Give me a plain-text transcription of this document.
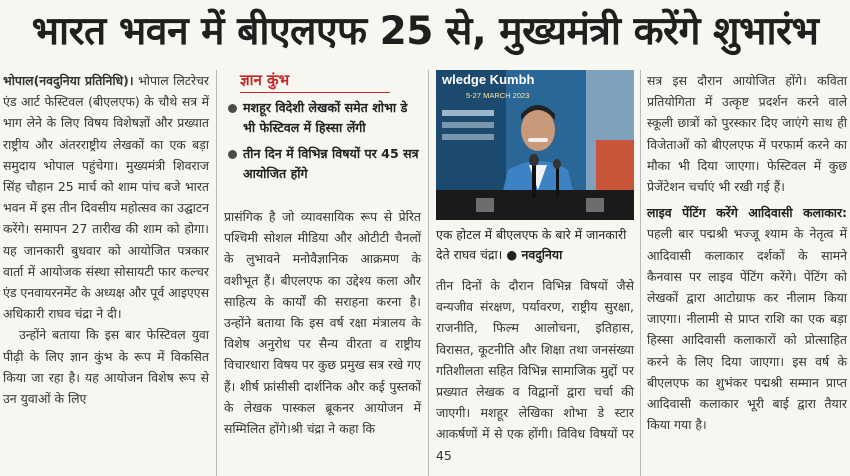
भारत भवन में बीएलएफ 25 से, मुख्यमंत्री करेंगे शुभारंभ

भोपाल(नवदुनिया प्रतिनिधि)। भोपाल लिटरेचर एंड आर्ट फेस्टिवल (बीएलएफ) के चौथे सत्र में भाग लेने के लिए विषय विशेषज्ञों और प्रख्यात राष्ट्रीय और अंतरराष्ट्रीय लेखकों का एक बड़ा समुदाय भोपाल पहुंचेगा। मुख्यमंत्री शिवराज सिंह चौहान 25 मार्च को शाम पांच बजे भारत भवन में इस तीन दिवसीय महोत्सव का उद्घाटन करेंगे। समापन 27 तारीख की शाम को होगा। यह जानकारी बुधवार को आयोजित पत्रकार वार्ता में आयोजक संस्था सोसायटी फार कल्चर एंड एनवायरनमेंट के अध्यक्ष और पूर्व आइएएस अधिकारी राघव चंद्रा ने दी।

उन्होंने बताया कि इस बार फेस्टिवल युवा पीढ़ी के लिए ज्ञान कुंभ के रूप में विकसित किया जा रहा है। यह आयोजन विशेष रूप से उन युवाओं के लिए

ज्ञान कुंभ
मशहूर विदेशी लेखकों समेत शोभा डे भी फेस्टिवल में हिस्सा लेंगी
तीन दिन में विभिन्न विषयों पर 45 सत्र आयोजित होंगे

प्रासंगिक है जो व्यावसायिक रूप से प्रेरित पश्चिमी सोशल मीडिया और ओटीटी चैनलों के लुभावने मनोवैज्ञानिक आक्रमण के वशीभूत हैं। बीएलएफ का उद्देश्य कला और साहित्य के कार्यों की सराहना करना है। उन्होंने बताया कि इस वर्ष रक्षा मंत्रालय के विशेष अनुरोध पर सैन्य वीरता व राष्ट्रीय विचारधारा विषय पर कुछ प्रमुख सत्र रखे गए हैं। शीर्ष फ्रांसीसी दार्शनिक और कई पुस्तकों के लेखक पास्कल ब्रूकनर आयोजन में सम्मिलित होंगे।श्री चंद्रा ने कहा कि

wledge Kumbh
5-27 MARCH 2023
एक होटल में बीएलएफ के बारे में जानकारी देते राघव चंद्रा। ● नवदुनिया

तीन दिनों के दौरान विभिन्न विषयों जैसे वन्यजीव संरक्षण, पर्यावरण, राष्ट्रीय सुरक्षा, राजनीति, फिल्म आलोचना, इतिहास, विरासत, कूटनीति और शिक्षा तथा जनसंख्या गतिशीलता सहित विभिन्न सामाजिक मुद्दों पर प्रख्यात लेखक व विद्वानों द्वारा चर्चा की जाएगी। मशहूर लेखिका शोभा डे स्टार आकर्षणों में से एक होंगी। विविध विषयों पर 45

सत्र इस दौरान आयोजित होंगे। कविता प्रतियोगिता में उत्कृष्ट प्रदर्शन करने वाले स्कूली छात्रों को पुरस्कार दिए जाएंगे साथ ही विजेताओं को बीएलएफ में परफार्म करने का मौका भी दिया जाएगा। फेस्टिवल में कुछ प्रेजेंटेशन चर्चाएं भी रखी गई हैं।

लाइव पेंटिंग करेंगे आदिवासी कलाकार: पहली बार पद्मश्री भज्जू श्याम के नेतृत्व में आदिवासी कलाकार दर्शकों के सामने कैनवास पर लाइव पेंटिंग करेंगे। पेंटिंग को लेखकों द्वारा आटोग्राफ कर नीलाम किया जाएगा। नीलामी से प्राप्त राशि का एक बड़ा हिस्सा आदिवासी कलाकारों को प्रोत्साहित करने के लिए दिया जाएगा। इस वर्ष के बीएलएफ का शुभंकर पद्मश्री सम्मान प्राप्त आदिवासी कलाकार भूरी बाई द्वारा तैयार किया गया है।
